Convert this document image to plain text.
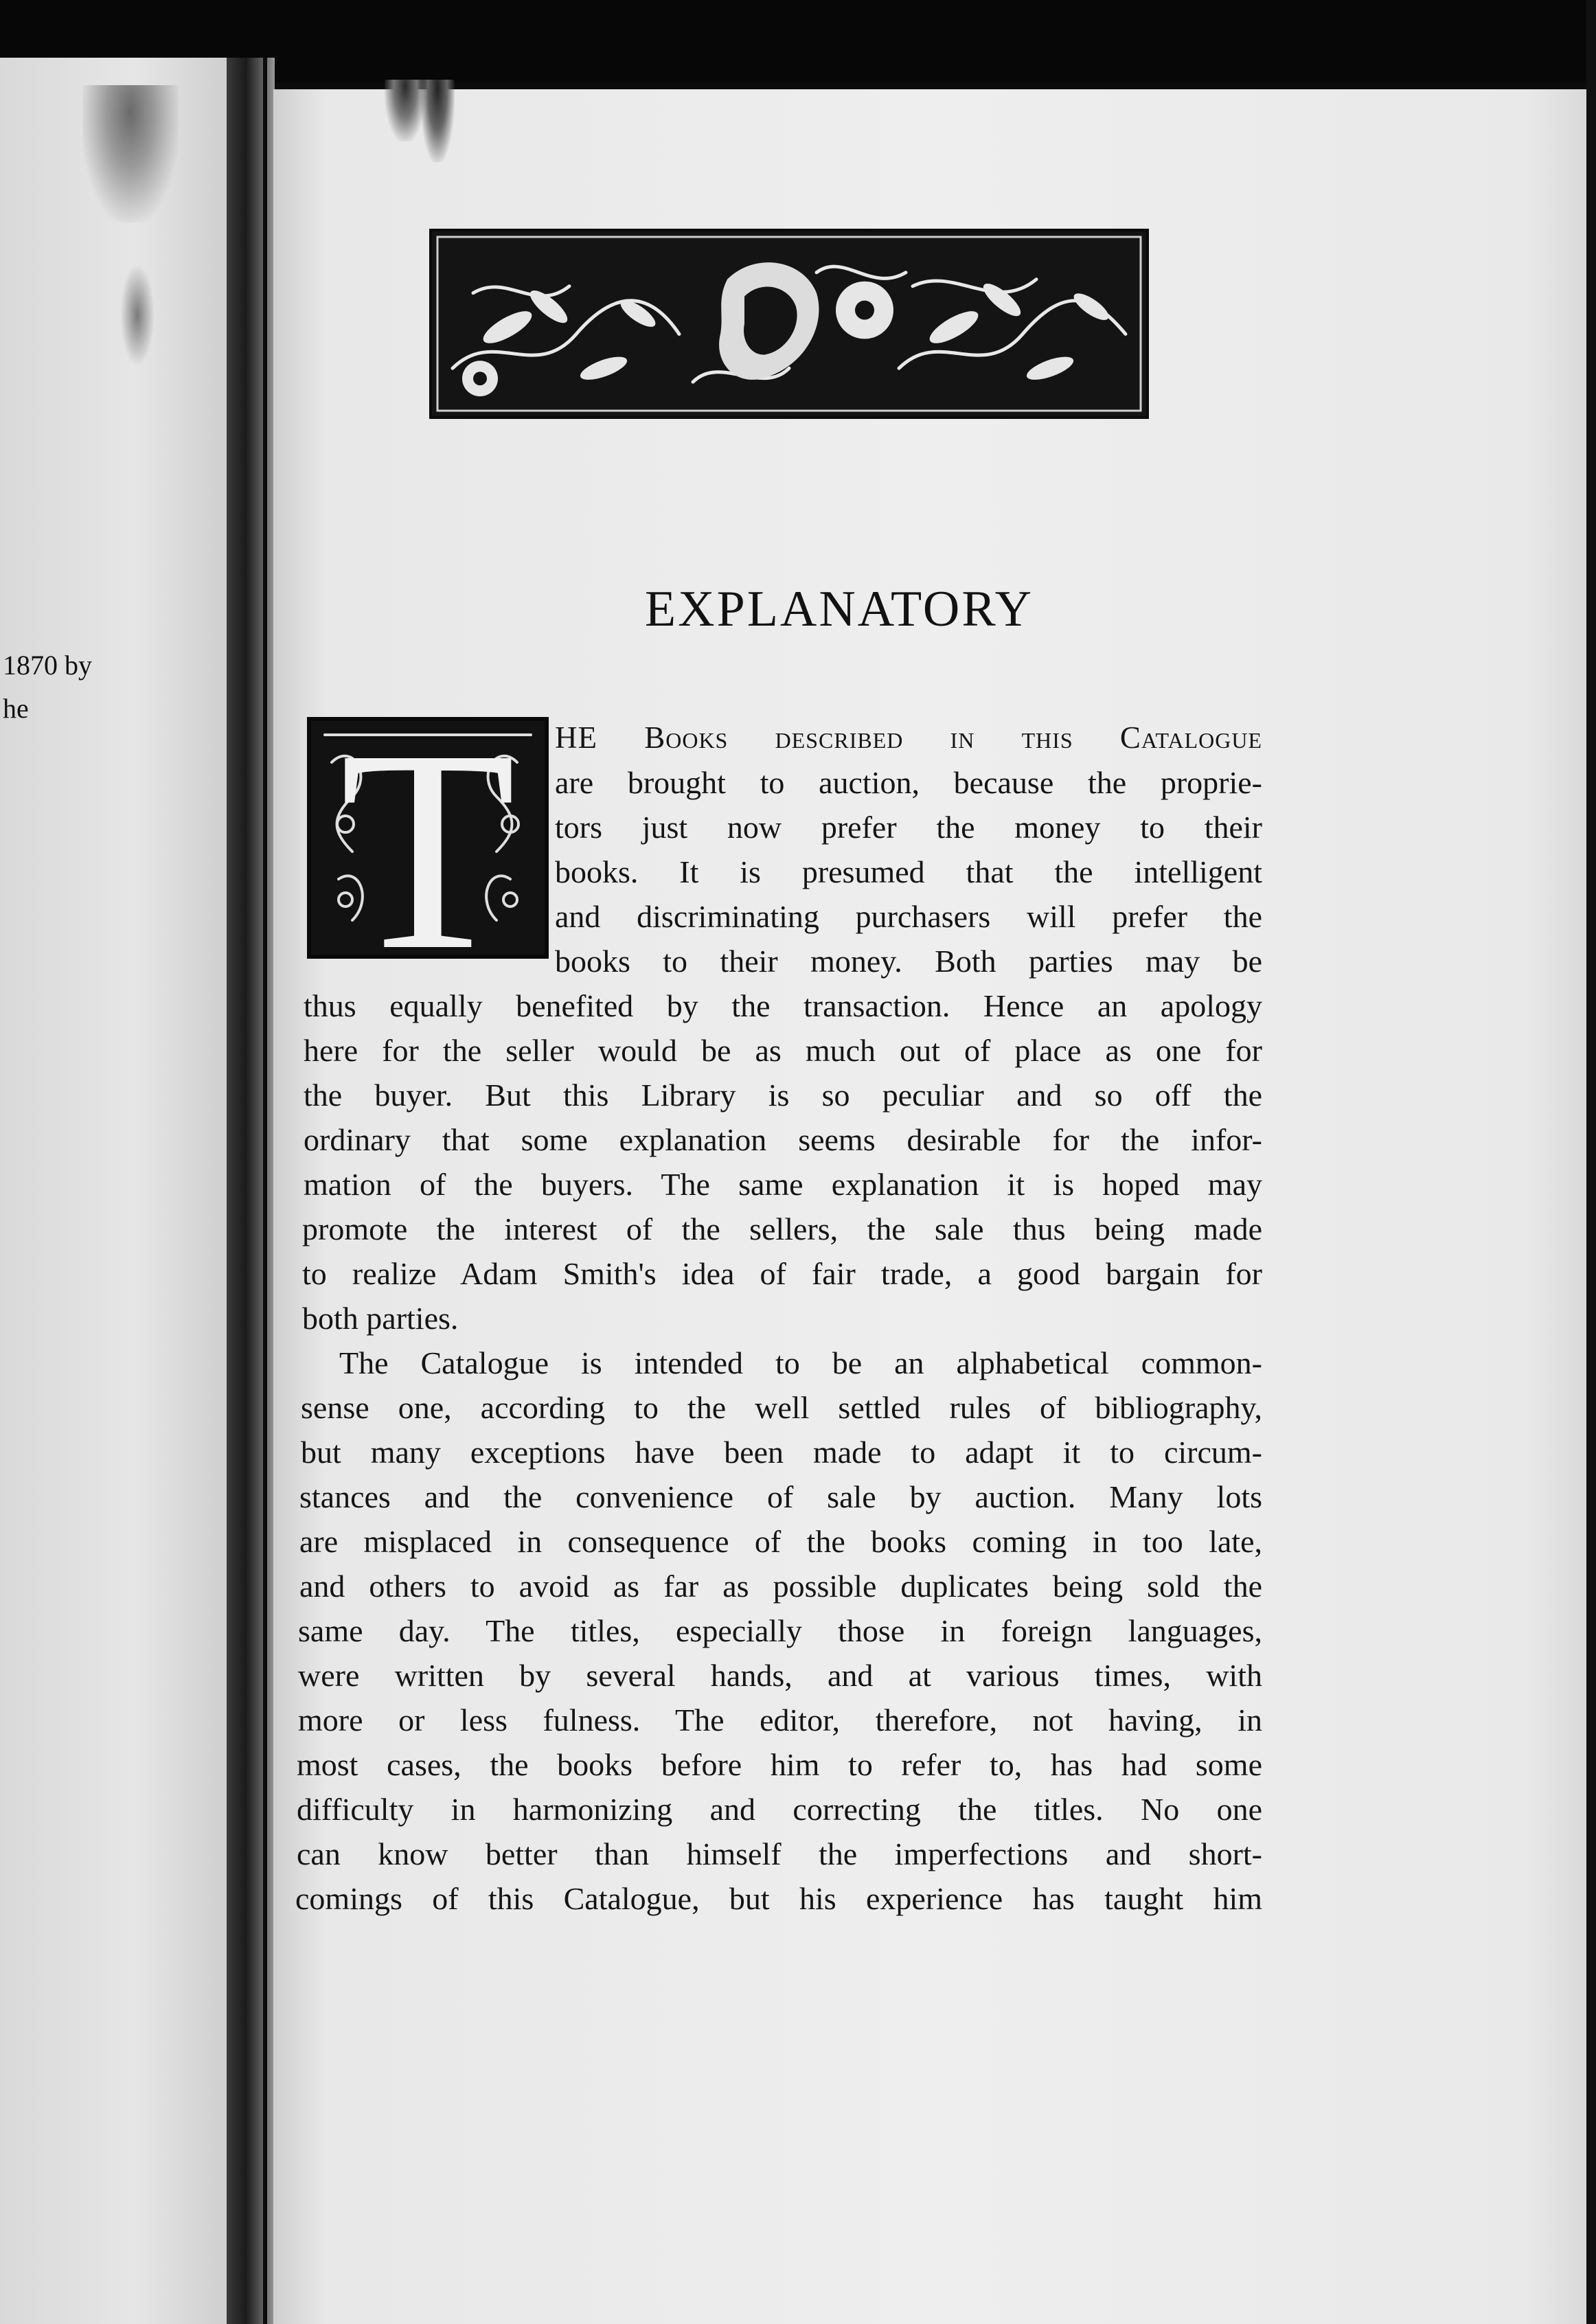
1870 by
he
EXPLANATORY
T	HE Books described in this Catalogue
are brought to auction, because the proprie-
tors just now prefer the money to their
books. It is presumed that the intelligent
and discriminating purchasers will prefer the
books to their money. Both parties may be
thus equally benefited by the transaction. Hence an apology
here for the seller would be as much out of place as one for
the buyer. But this Library is so peculiar and so off the
ordinary that some explanation seems desirable for the infor-
mation of the buyers. The same explanation it is hoped may
promote the interest of the sellers, the sale thus being made
to realize Adam Smith's idea of fair trade, a good bargain for
both parties.
The Catalogue is intended to be an alphabetical common-
sense one, according to the well settled rules of bibliography,
but many exceptions have been made to adapt it to circum-
stances and the convenience of sale by auction. Many lots
are misplaced in consequence of the books coming in too late,
and others to avoid as far as possible duplicates being sold the
same day. The titles, especially those in foreign languages,
were written by several hands, and at various times, with
more or less fulness. The editor, therefore, not having, in
most cases, the books before him to refer to, has had some
difficulty in harmonizing and correcting the titles. No one
can know better than himself the imperfections and short-
comings of this Catalogue, but his experience has taught him
